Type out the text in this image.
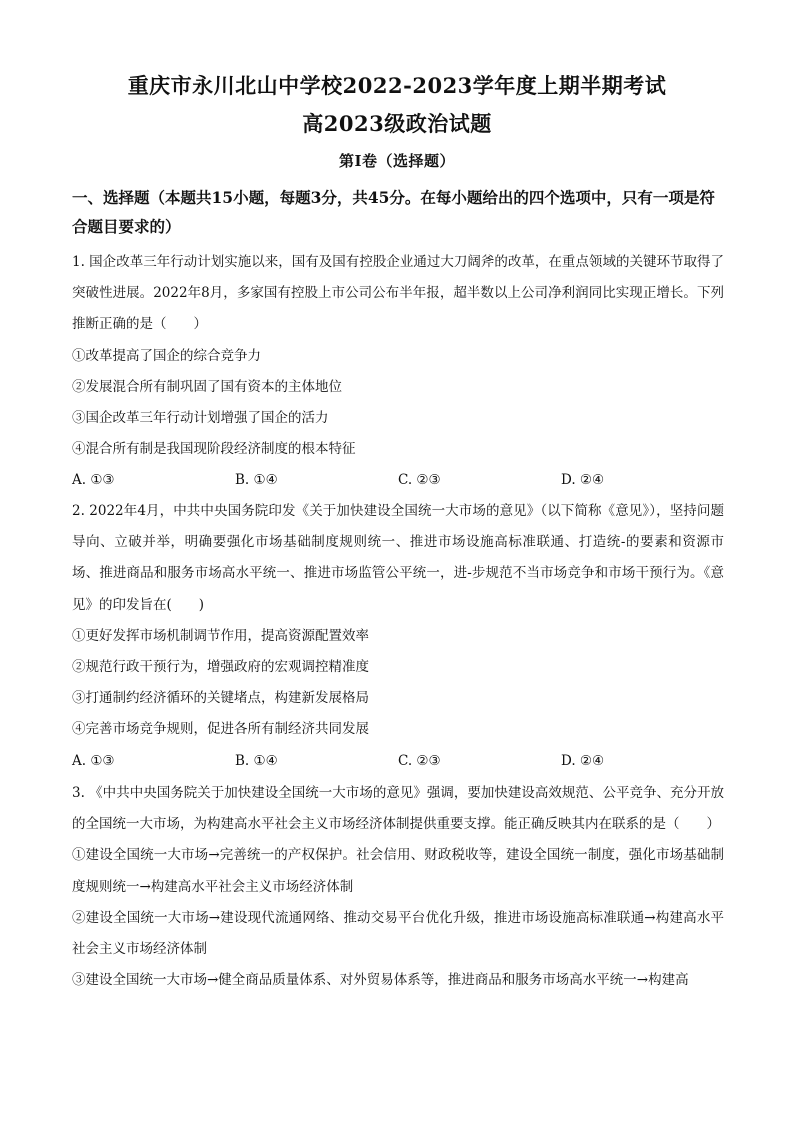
重庆市永川北山中学校2022-2023学年度上期半期考试
高2023级政治试题
第Ⅰ卷（选择题）
一、选择题（本题共15小题，每题3分，共45分。在每小题给出的四个选项中，只有一项是符合题目要求的）

1. 国企改革三年行动计划实施以来，国有及国有控股企业通过大刀阔斧的改革，在重点领域的关键环节取得了突破性进展。2022年8月，多家国有控股上市公司公布半年报，超半数以上公司净利润同比实现正增长。下列推断正确的是（　　）

①改革提高了国企的综合竞争力

②发展混合所有制巩固了国有资本的主体地位

③国企改革三年行动计划增强了国企的活力

④混合所有制是我国现阶段经济制度的根本特征

A. ①③	B. ①④	C. ②③	D. ②④

2. 2022年4月，中共中央国务院印发《关于加快建设全国统一大市场的意见》（以下简称《意见》），坚持问题导向、立破并举，明确要强化市场基础制度规则统一、推进市场设施高标准联通、打造统-的要素和资源市场、推进商品和服务市场高水平统一、推进市场监管公平统一，进-步规范不当市场竞争和市场干预行为。《意见》的印发旨在(　　)

①更好发挥市场机制调节作用，提高资源配置效率

②规范行政干预行为，增强政府的宏观调控精准度

③打通制约经济循环的关键堵点，构建新发展格局

④完善市场竞争规则，促进各所有制经济共同发展

A. ①③	B. ①④	C. ②③	D. ②④

3. 《中共中央国务院关于加快建设全国统一大市场的意见》强调，要加快建设高效规范、公平竞争、充分开放的全国统一大市场，为构建高水平社会主义市场经济体制提供重要支撑。能正确反映其内在联系的是（　　）

①建设全国统一大市场→完善统一的产权保护。社会信用、财政税收等，建设全国统一制度，强化市场基础制度规则统一→构建高水平社会主义市场经济体制

②建设全国统一大市场→建设现代流通网络、推动交易平台优化升级，推进市场设施高标准联通→构建高水平社会主义市场经济体制

③建设全国统一大市场→健全商品质量体系、对外贸易体系等，推进商品和服务市场高水平统一→构建高
